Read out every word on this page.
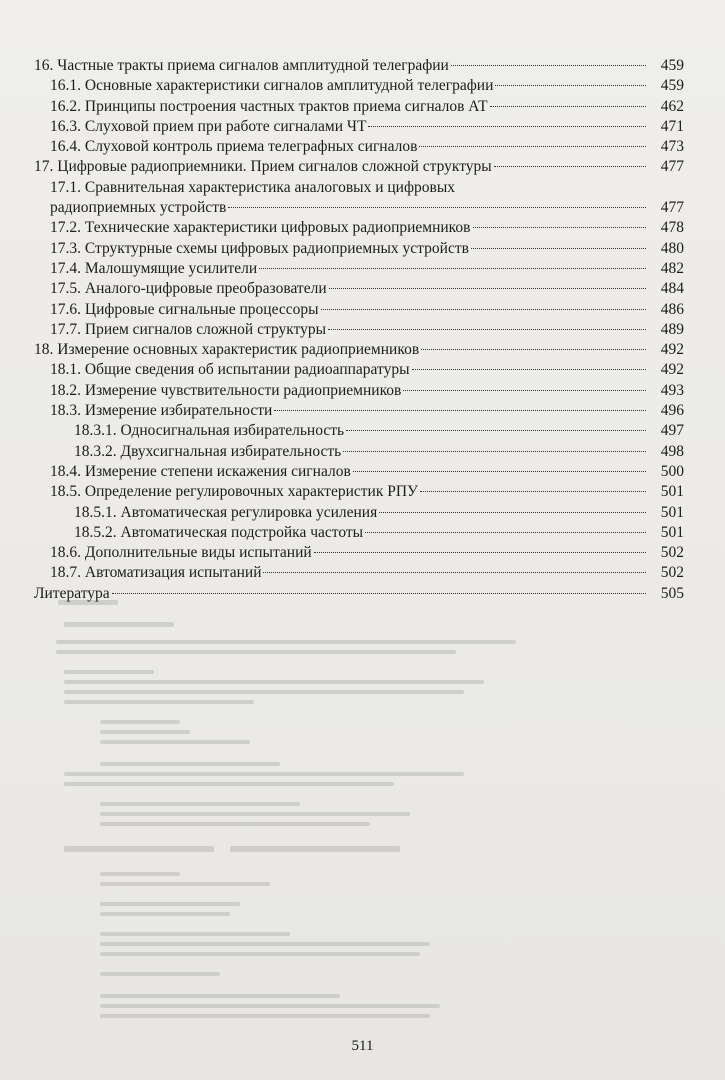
16. Частные тракты приема сигналов амплитудной телеграфии	459
16.1. Основные характеристики сигналов амплитудной телеграфии	459
16.2. Принципы построения частных трактов приема сигналов АТ	462
16.3. Слуховой прием при работе сигналами ЧТ	471
16.4. Слуховой контроль приема телеграфных сигналов	473
17. Цифровые радиоприемники. Прием сигналов сложной структуры	477
17.1. Сравнительная характеристика аналоговых и цифровых
радиоприемных устройств	477
17.2. Технические характеристики цифровых радиоприемников	478
17.3. Структурные схемы цифровых радиоприемных устройств	480
17.4. Малошумящие усилители	482
17.5. Аналого-цифровые преобразователи	484
17.6. Цифровые сигнальные процессоры	486
17.7. Прием сигналов сложной структуры	489
18. Измерение основных характеристик радиоприемников	492
18.1. Общие сведения об испытании радиоаппаратуры	492
18.2. Измерение чувствительности радиоприемников	493
18.3. Измерение избирательности	496
18.3.1. Односигнальная избирательность	497
18.3.2. Двухсигнальная избирательность	498
18.4. Измерение степени искажения сигналов	500
18.5. Определение регулировочных характеристик РПУ	501
18.5.1. Автоматическая регулировка усиления	501
18.5.2. Автоматическая подстройка частоты	501
18.6. Дополнительные виды испытаний	502
18.7. Автоматизация испытаний	502
Литература	505
511
